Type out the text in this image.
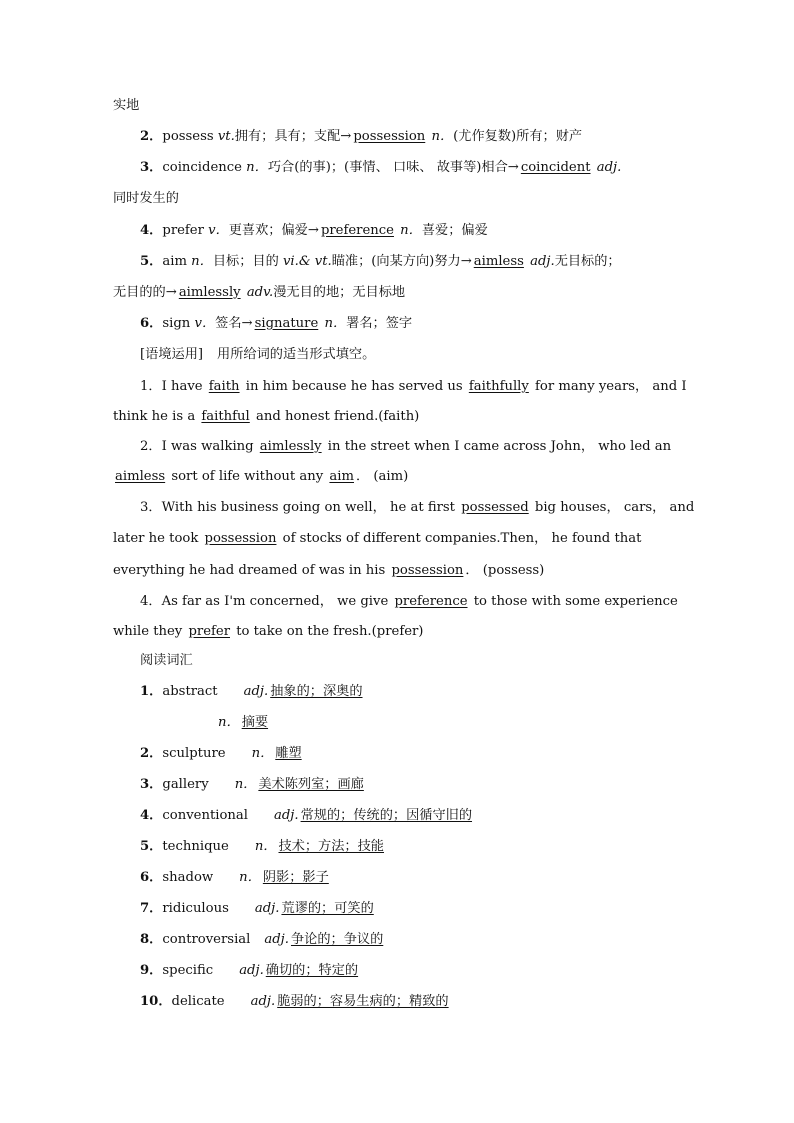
实地
2．possess vt.拥有；具有；支配→ possession n．(尤作复数)所有；财产
3．coincidence n．巧合(的事)；(事情、 口味、 故事等)相合→ coincident adj.
同时发生的
4．prefer v．更喜欢；偏爱→ preference n．喜爱；偏爱
5．aim n．目标；目的 vi.& vt.瞄准；(向某方向)努力→ aimless adj.无目标的；
无目的的→ aimlessly adv.漫无目的地；无目标地
6．sign v．签名→ signature n．署名；签字
[语境运用] 用所给词的适当形式填空。
1．I have faith in him because he has served us faithfully for many years， and I
think he is a faithful and honest friend.(faith)
2．I was walking aimlessly in the street when I came across John， who led an
aimless sort of life without any aim ． (aim)
3．With his business going on well， he at first possessed big houses， cars， and
later he took possession of stocks of different companies.Then， he found that
everything he had dreamed of was in his possession ． (possess)
4．As far as I'm concerned， we give preference to those with some experience
while they prefer to take on the fresh.(prefer)
阅读词汇
1．abstract adj. 抽象的；深奥的
n． 摘要
2．sculpture n． 雕塑
3．gallery n． 美术陈列室；画廊
4．conventional adj. 常规的；传统的；因循守旧的
5．technique n． 技术；方法；技能
6．shadow n． 阴影；影子
7．ridiculous adj. 荒谬的；可笑的
8．controversial adj. 争论的；争议的
9．specific adj. 确切的；特定的
10．delicate adj. 脆弱的；容易生病的；精致的
